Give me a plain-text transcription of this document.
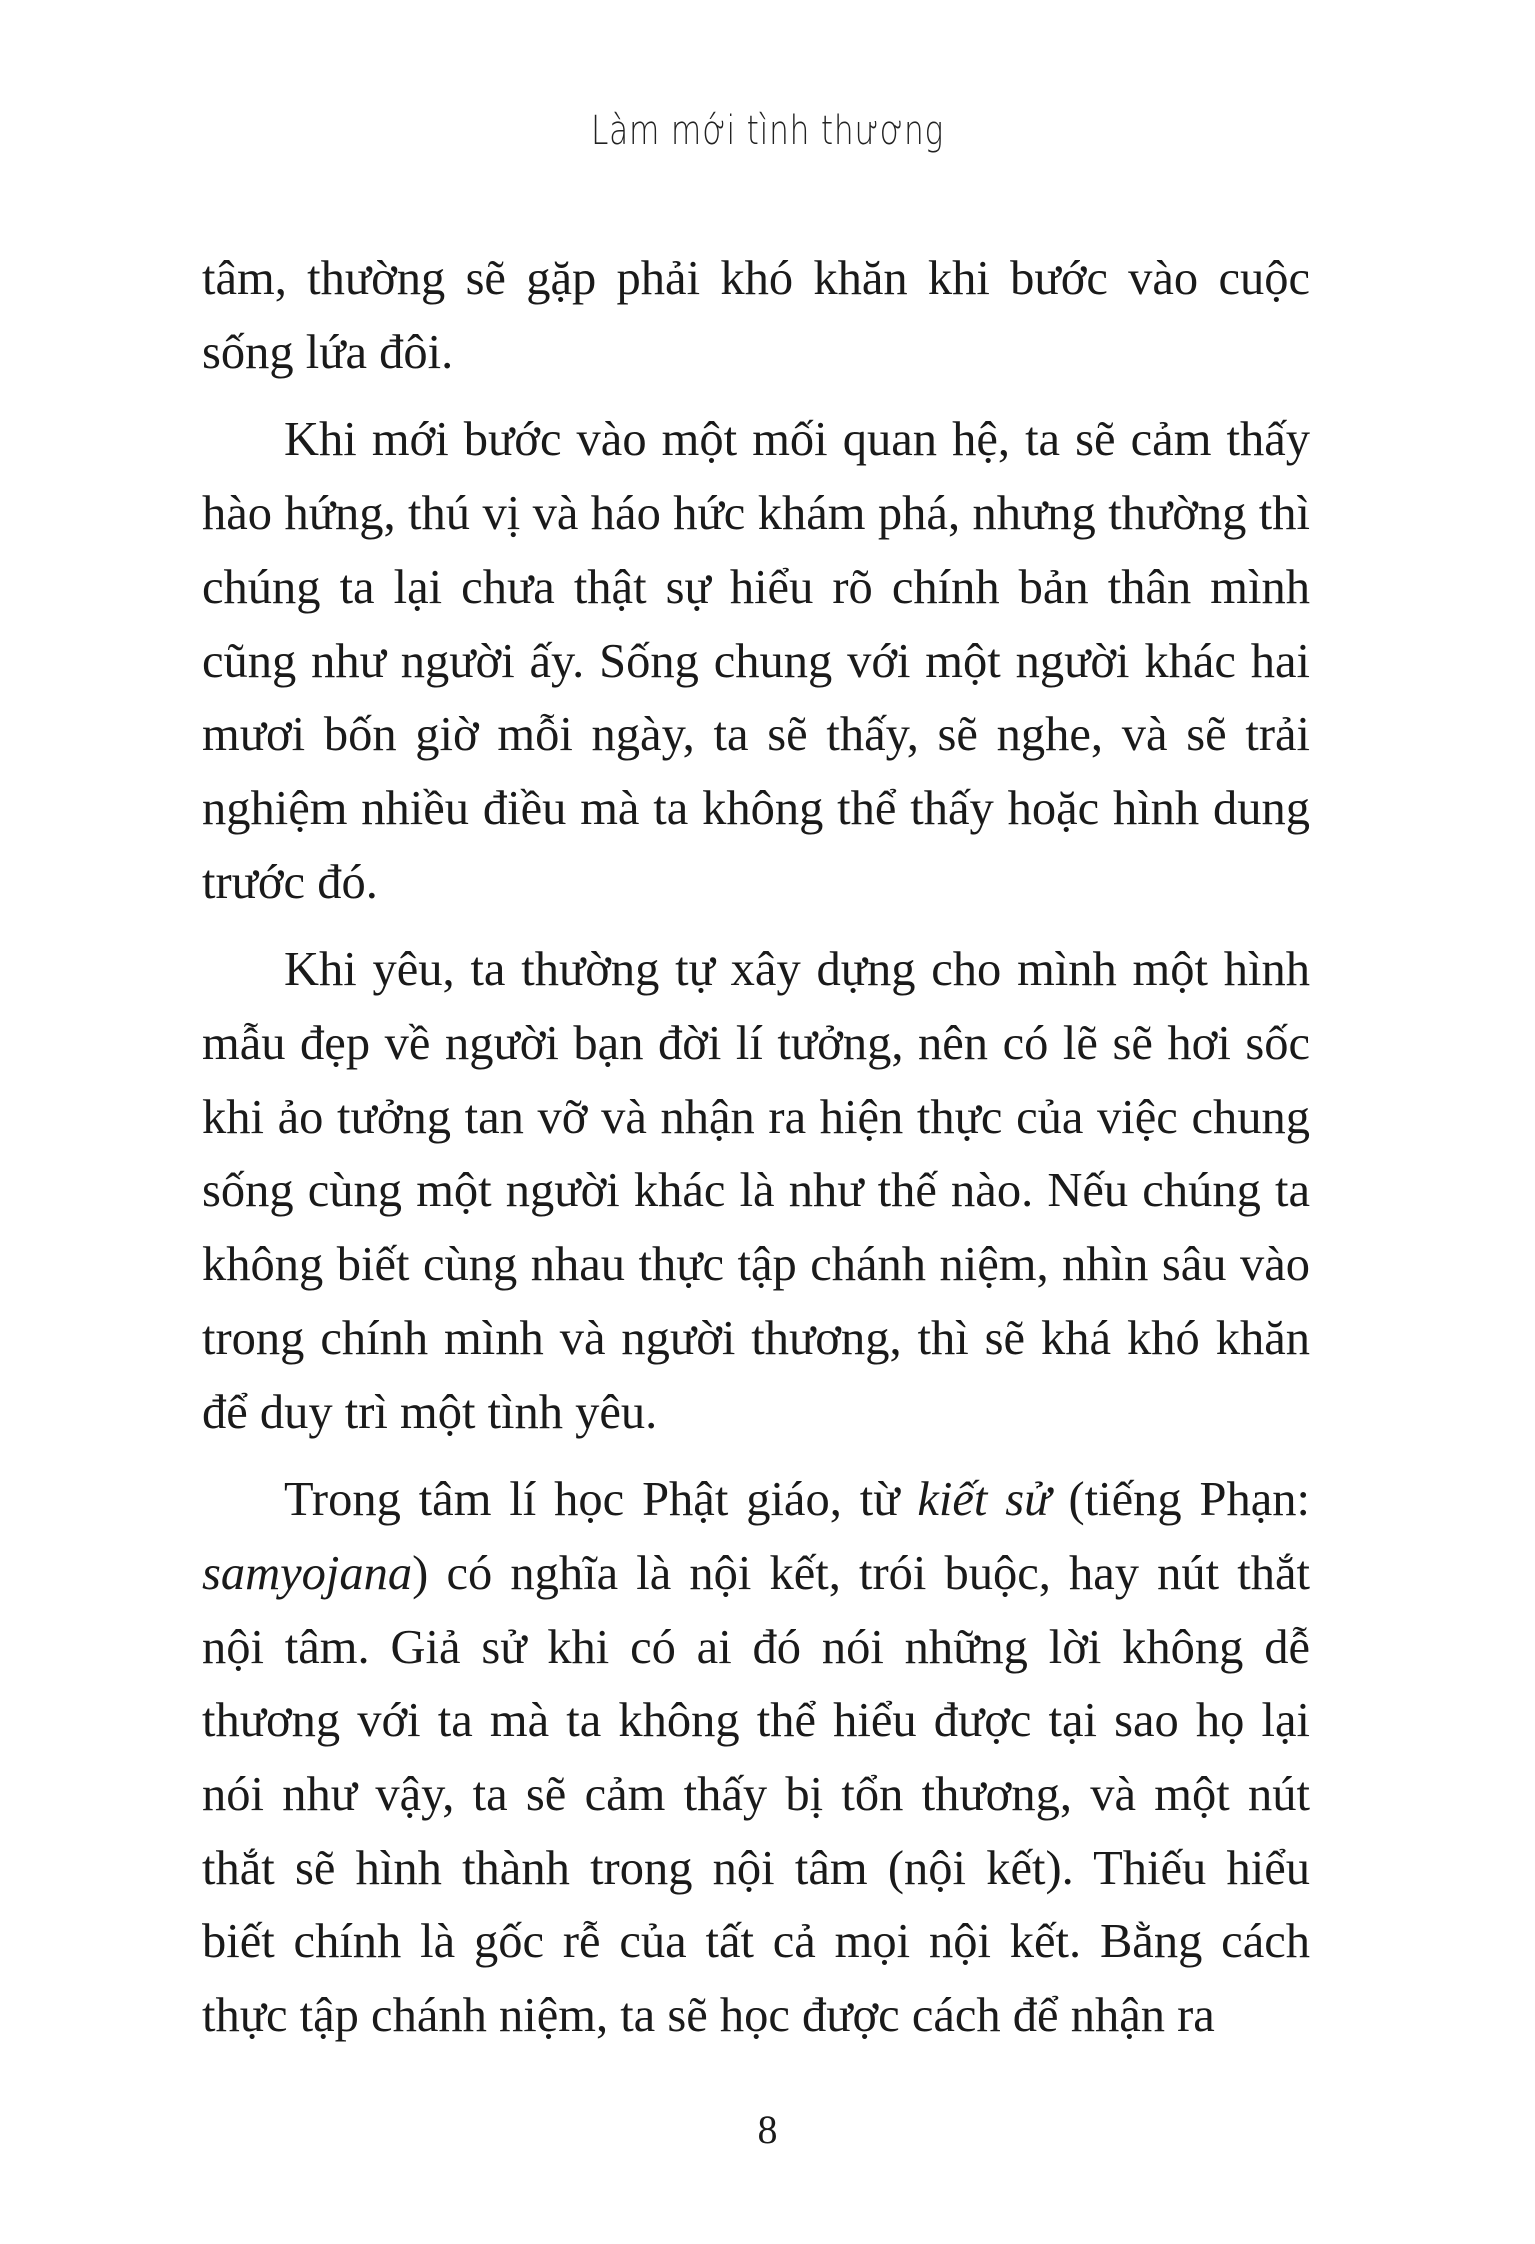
Làm mới tình thương

tâm, thường sẽ gặp phải khó khăn khi bước vào cuộc sống lứa đôi.

Khi mới bước vào một mối quan hệ, ta sẽ cảm thấy hào hứng, thú vị và háo hức khám phá, nhưng thường thì chúng ta lại chưa thật sự hiểu rõ chính bản thân mình cũng như người ấy. Sống chung với một người khác hai mươi bốn giờ mỗi ngày, ta sẽ thấy, sẽ nghe, và sẽ trải nghiệm nhiều điều mà ta không thể thấy hoặc hình dung trước đó.

Khi yêu, ta thường tự xây dựng cho mình một hình mẫu đẹp về người bạn đời lí tưởng, nên có lẽ sẽ hơi sốc khi ảo tưởng tan vỡ và nhận ra hiện thực của việc chung sống cùng một người khác là như thế nào. Nếu chúng ta không biết cùng nhau thực tập chánh niệm, nhìn sâu vào trong chính mình và người thương, thì sẽ khá khó khăn để duy trì một tình yêu.

Trong tâm lí học Phật giáo, từ kiết sử (tiếng Phạn: samyojana) có nghĩa là nội kết, trói buộc, hay nút thắt nội tâm. Giả sử khi có ai đó nói những lời không dễ thương với ta mà ta không thể hiểu được tại sao họ lại nói như vậy, ta sẽ cảm thấy bị tổn thương, và một nút thắt sẽ hình thành trong nội tâm (nội kết). Thiếu hiểu biết chính là gốc rễ của tất cả mọi nội kết. Bằng cách thực tập chánh niệm, ta sẽ học được cách để nhận ra

8
